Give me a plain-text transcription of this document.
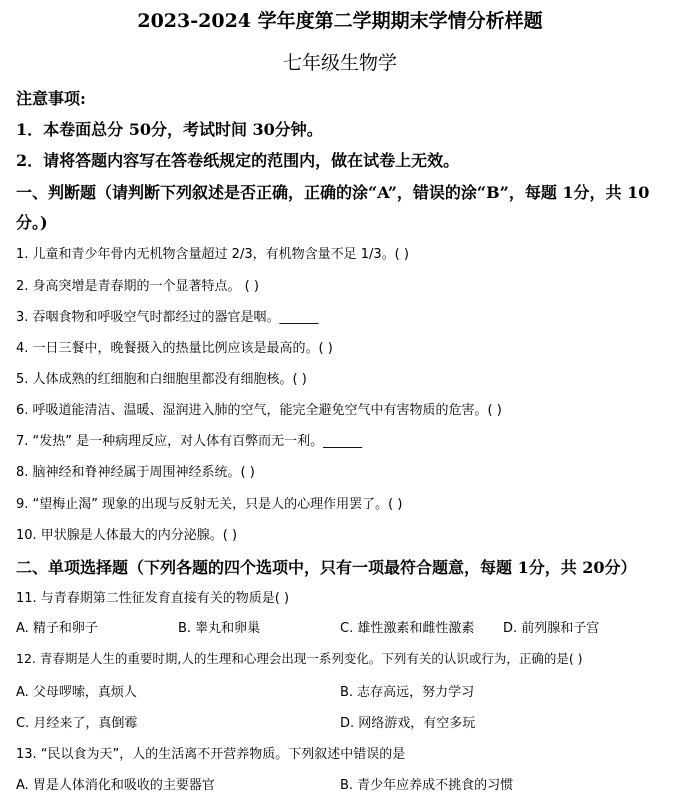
2023-2024 学年度第二学期期末学情分析样题
七年级生物学
注意事项:
1．本卷面总分 50分，考试时间 30分钟。
2．请将答题内容写在答卷纸规定的范围内，做在试卷上无效。
一、判断题（请判断下列叙述是否正确，正确的涂“A”，错误的涂“B”，每题 1分，共 10
分。)
1. 儿童和青少年骨内无机物含量超过 2/3，有机物含量不足 1/3。( )
2. 身高突增是青春期的一个显著特点。 ( )
3. 吞咽食物和呼吸空气时都经过的器官是咽。______
4. 一日三餐中，晚餐摄入的热量比例应该是最高的。( )
5. 人体成熟的红细胞和白细胞里都没有细胞核。( )
6. 呼吸道能清洁、温暖、湿润进入肺的空气，能完全避免空气中有害物质的危害。( )
7. “发热” 是一种病理反应，对人体有百弊而无一利。______
8. 脑神经和脊神经属于周围神经系统。( )
9. “望梅止渴” 现象的出现与反射无关，只是人的心理作用罢了。( )
10. 甲状腺是人体最大的内分泌腺。( )
二、单项选择题（下列各题的四个选项中，只有一项最符合题意，每题 1分，共 20分）
11. 与青春期第二性征发育直接有关的物质是( )
A. 精子和卵子	B. 睾丸和卵巢	C. 雄性激素和雌性激素 D. 前列腺和子宫
12. 青春期是人生的重要时期,人的生理和心理会出现一系列变化。下列有关的认识或行为，正确的是( )
A. 父母啰嗦，真烦人	B. 志存高远，努力学习
C. 月经来了，真倒霉	D. 网络游戏，有空多玩
13. “民以食为天”，人的生活离不开营养物质。下列叙述中错误的是
A. 胃是人体消化和吸收的主要器官	B. 青少年应养成不挑食的习惯
